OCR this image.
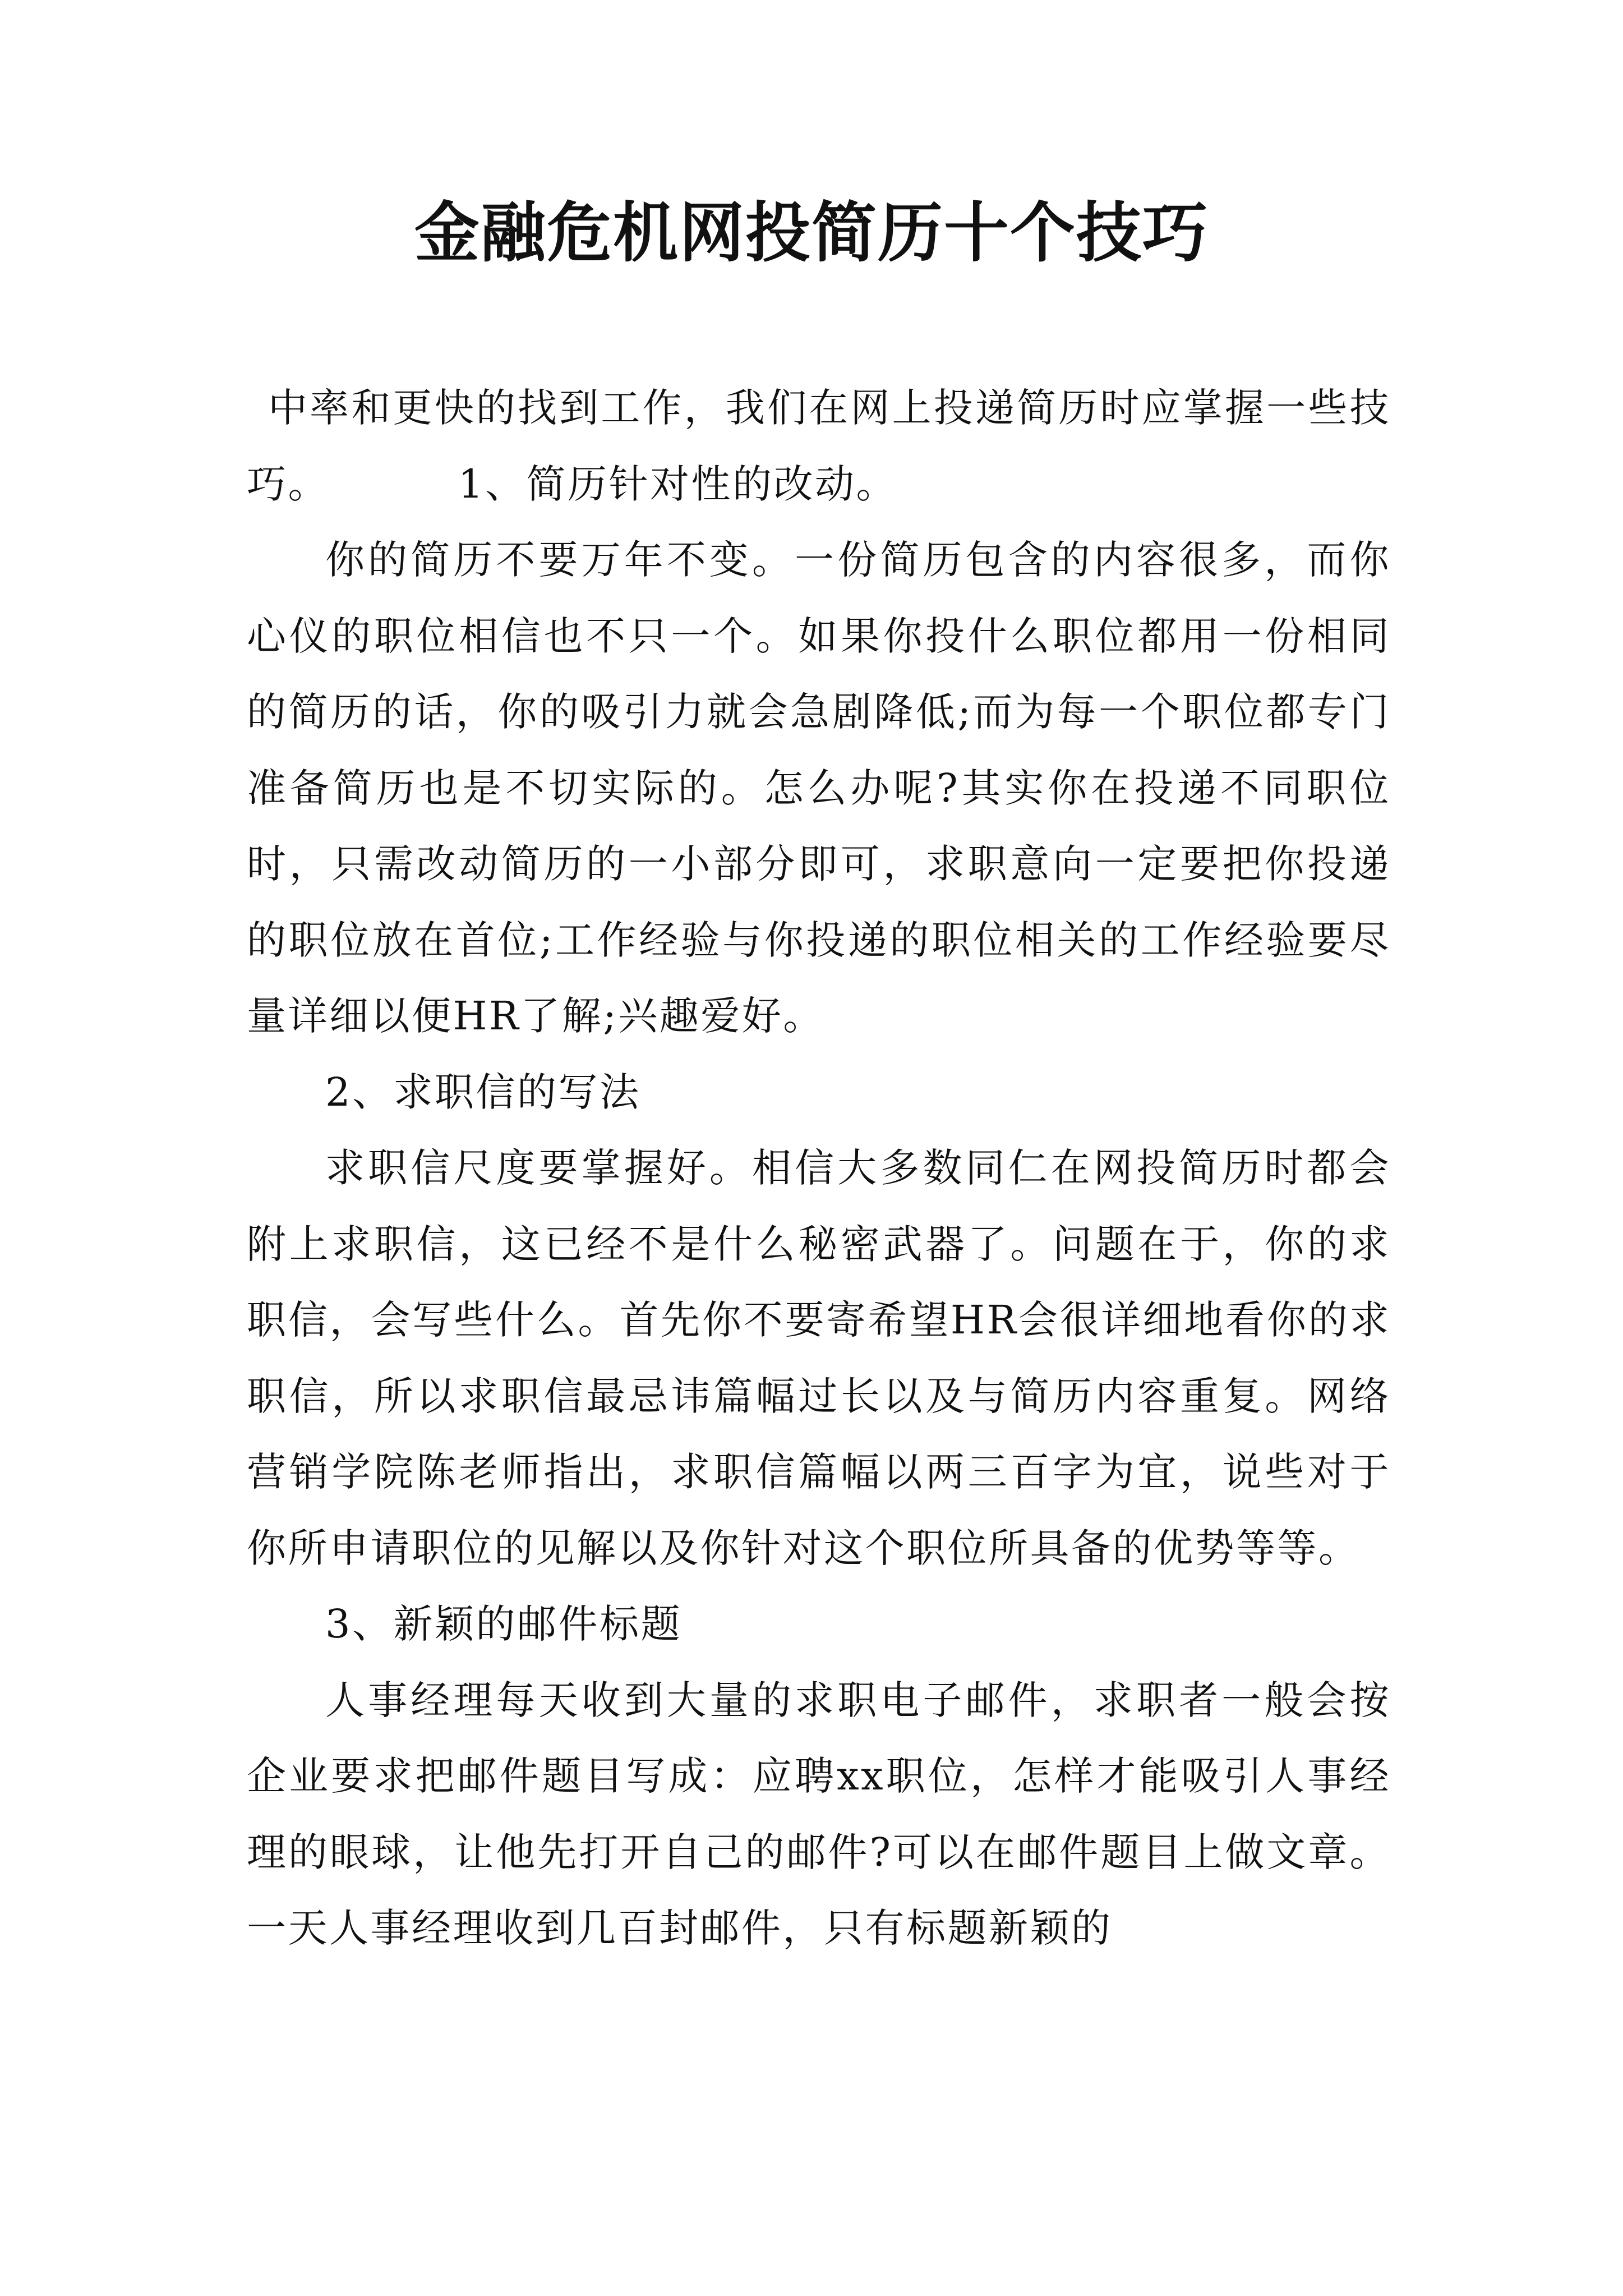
金融危机网投简历十个技巧

中率和更快的找到工作，我们在网上投递简历时应掌握一些技巧。	1、简历针对性的改动。

你的简历不要万年不变。一份简历包含的内容很多，而你心仪的职位相信也不只一个。如果你投什么职位都用一份相同的简历的话，你的吸引力就会急剧降低;而为每一个职位都专门准备简历也是不切实际的。怎么办呢?其实你在投递不同职位时，只需改动简历的一小部分即可，求职意向一定要把你投递的职位放在首位;工作经验与你投递的职位相关的工作经验要尽量详细以便HR了解;兴趣爱好。

2、求职信的写法

求职信尺度要掌握好。相信大多数同仁在网投简历时都会附上求职信，这已经不是什么秘密武器了。问题在于，你的求职信，会写些什么。首先你不要寄希望HR会很详细地看你的求职信，所以求职信最忌讳篇幅过长以及与简历内容重复。网络营销学院陈老师指出，求职信篇幅以两三百字为宜，说些对于你所申请职位的见解以及你针对这个职位所具备的优势等等。

3、新颖的邮件标题

人事经理每天收到大量的求职电子邮件，求职者一般会按企业要求把邮件题目写成：应聘xx职位，怎样才能吸引人事经理的眼球，让他先打开自己的邮件?可以在邮件题目上做文章。一天人事经理收到几百封邮件，只有标题新颖的
